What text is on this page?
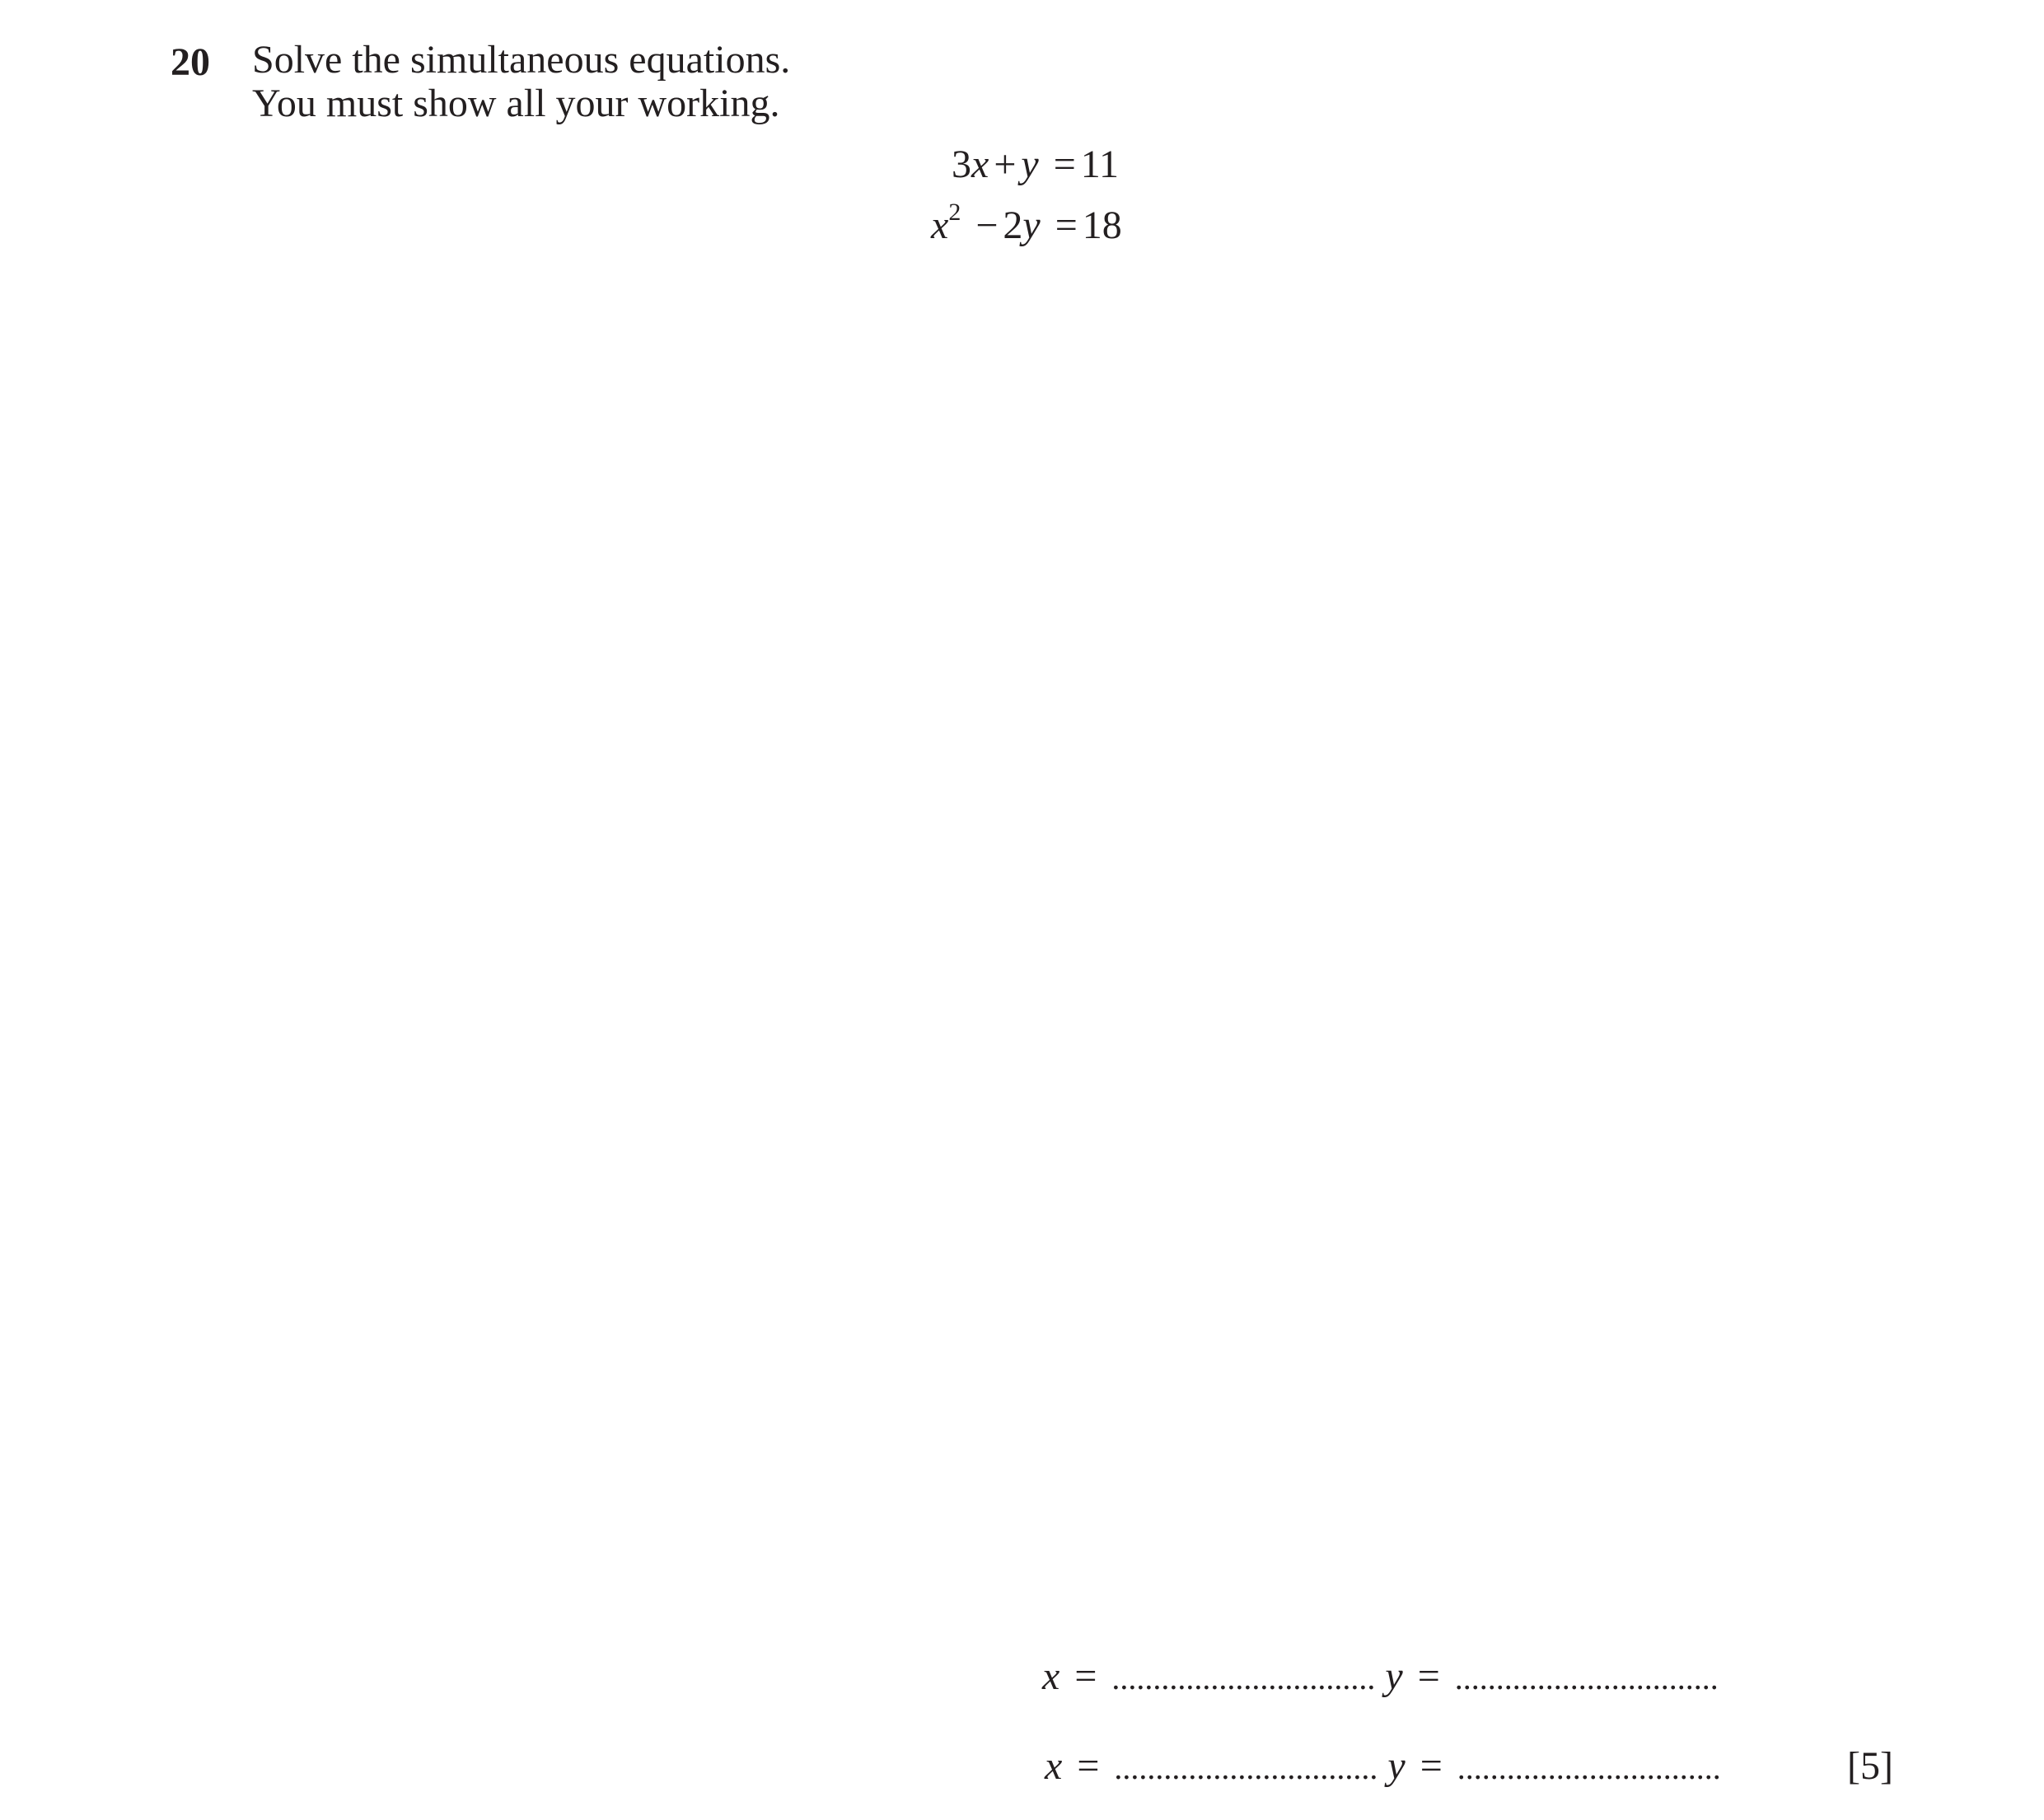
20 Solve the simultaneous equations.
You must show all your working.
3x + y = 11
$x^2 - 2y = 18$
x = ................................ y = ................................
x = ................................ y = ................................	[5]
